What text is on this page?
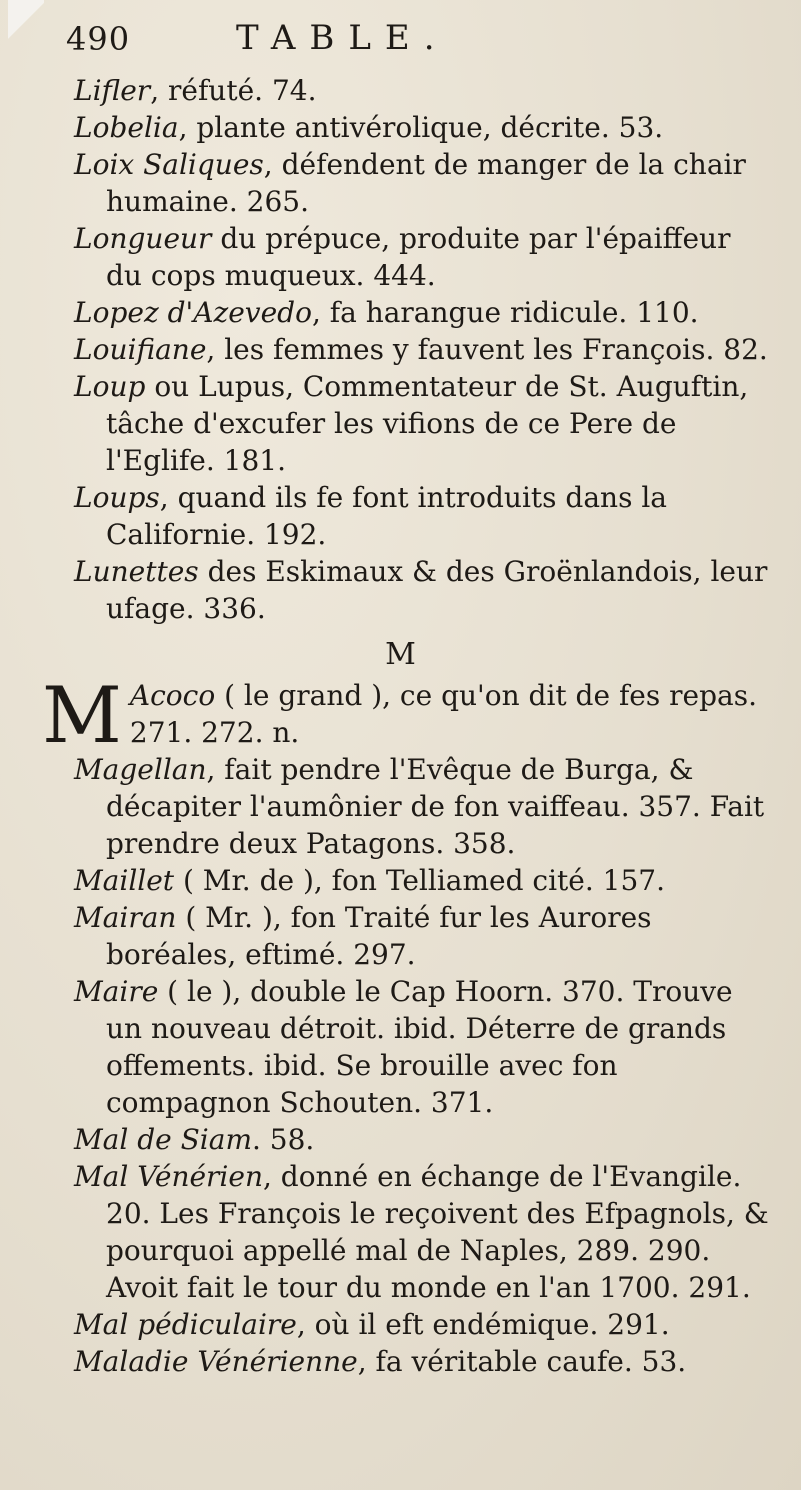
490	TABLE.
Lifler, réfuté. 74.
Lobelia, plante antivérolique, décrite. 53.
Loix Saliques, défendent de manger de la chair humaine. 265.
Longueur du prépuce, produite par l'épaiffeur du cops muqueux. 444.
Lopez d'Azevedo, fa harangue ridicule. 110.
Louifiane, les femmes y fauvent les François. 82.
Loup ou Lupus, Commentateur de St. Auguftin, tâche d'excufer les vifions de ce Pere de l'Eglife. 181.
Loups, quand ils fe font introduits dans la Californie. 192.
Lunettes des Eskimaux & des Groënlandois, leur ufage. 336.
M
M Acoco ( le grand ), ce qu'on dit de fes repas. 271. 272. n.
Magellan, fait pendre l'Evêque de Burga, & décapiter l'aumônier de fon vaiffeau. 357. Fait prendre deux Patagons. 358.
Maillet ( Mr. de ), fon Telliamed cité. 157.
Mairan ( Mr. ), fon Traité fur les Aurores boréales, eftimé. 297.
Maire ( le ), double le Cap Hoorn. 370. Trouve un nouveau détroit. ibid. Déterre de grands offements. ibid. Se brouille avec fon compagnon Schouten. 371.
Mal de Siam. 58.
Mal Vénérien, donné en échange de l'Evangile. 20. Les François le reçoivent des Efpagnols, & pourquoi appellé mal de Naples, 289. 290. Avoit fait le tour du monde en l'an 1700. 291.
Mal pédiculaire, où il eft endémique. 291.
Maladie Vénérienne, fa véritable caufe. 53.
